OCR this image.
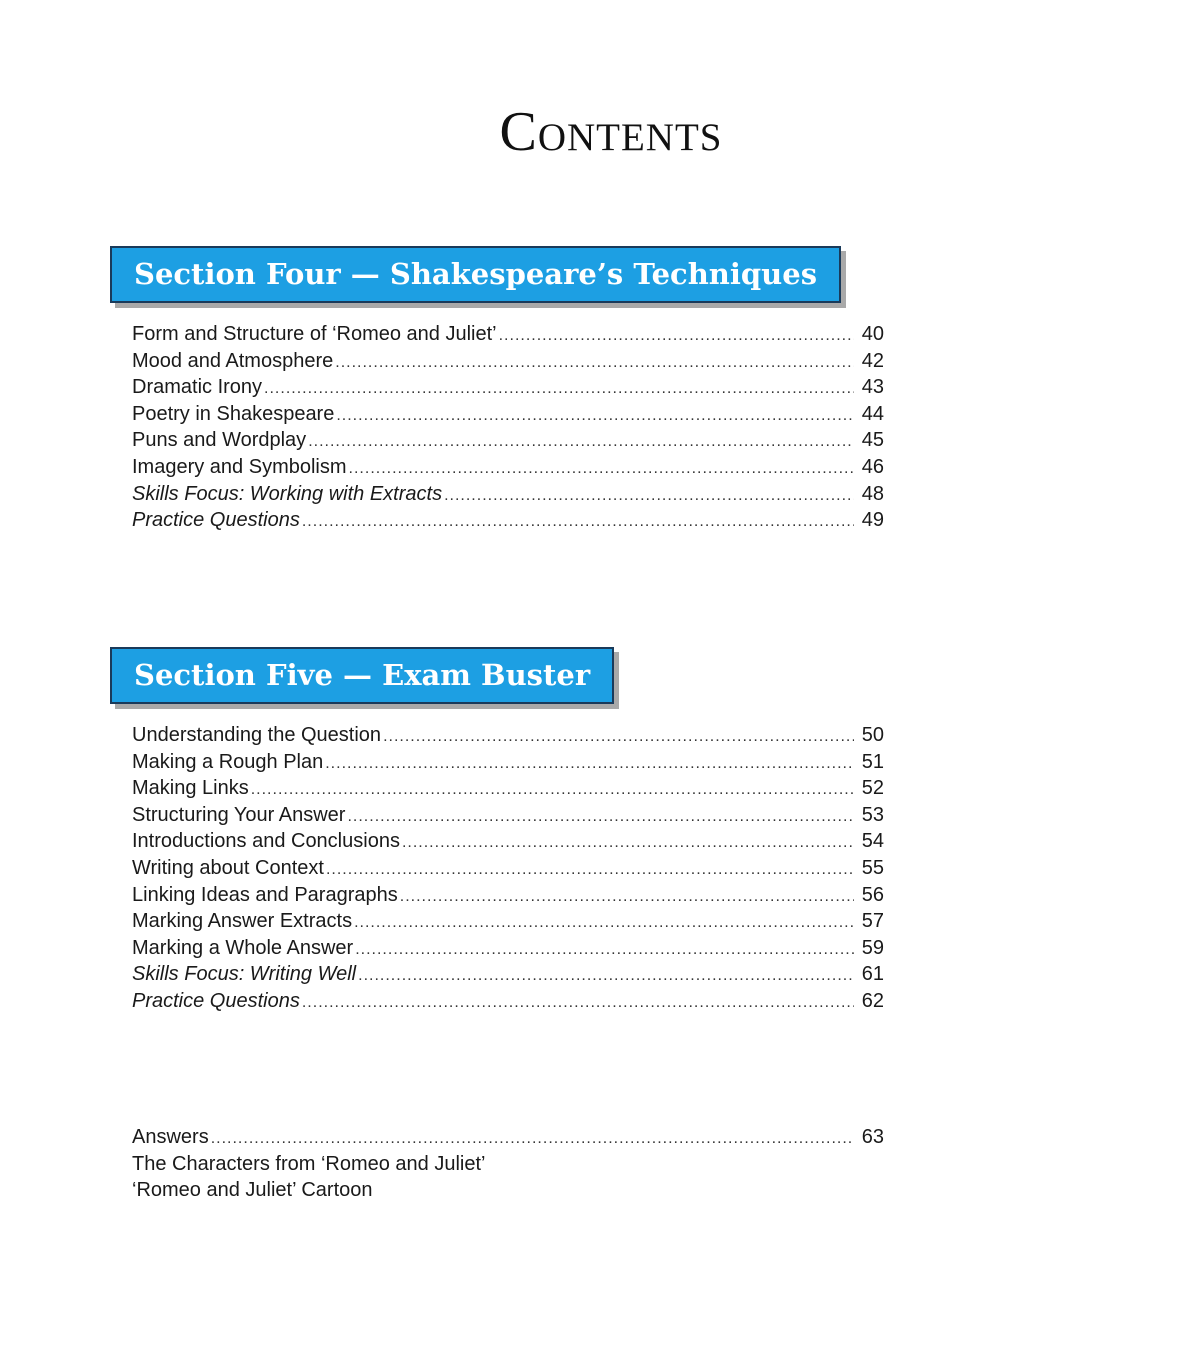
Contents
Section Four — Shakespeare’s Techniques
Form and Structure of ‘Romeo and Juliet’ .....	40
Mood and Atmosphere .....	42
Dramatic Irony .....	43
Poetry in Shakespeare .....	44
Puns and Wordplay .....	45
Imagery and Symbolism .....	46
Skills Focus: Working with Extracts .....	48
Practice Questions .....	49
Section Five — Exam Buster
Understanding the Question .....	50
Making a Rough Plan .....	51
Making Links .....	52
Structuring Your Answer .....	53
Introductions and Conclusions .....	54
Writing about Context .....	55
Linking Ideas and Paragraphs .....	56
Marking Answer Extracts .....	57
Marking a Whole Answer .....	59
Skills Focus: Writing Well .....	61
Practice Questions .....	62
Answers .....	63
The Characters from ‘Romeo and Juliet’
‘Romeo and Juliet’ Cartoon
